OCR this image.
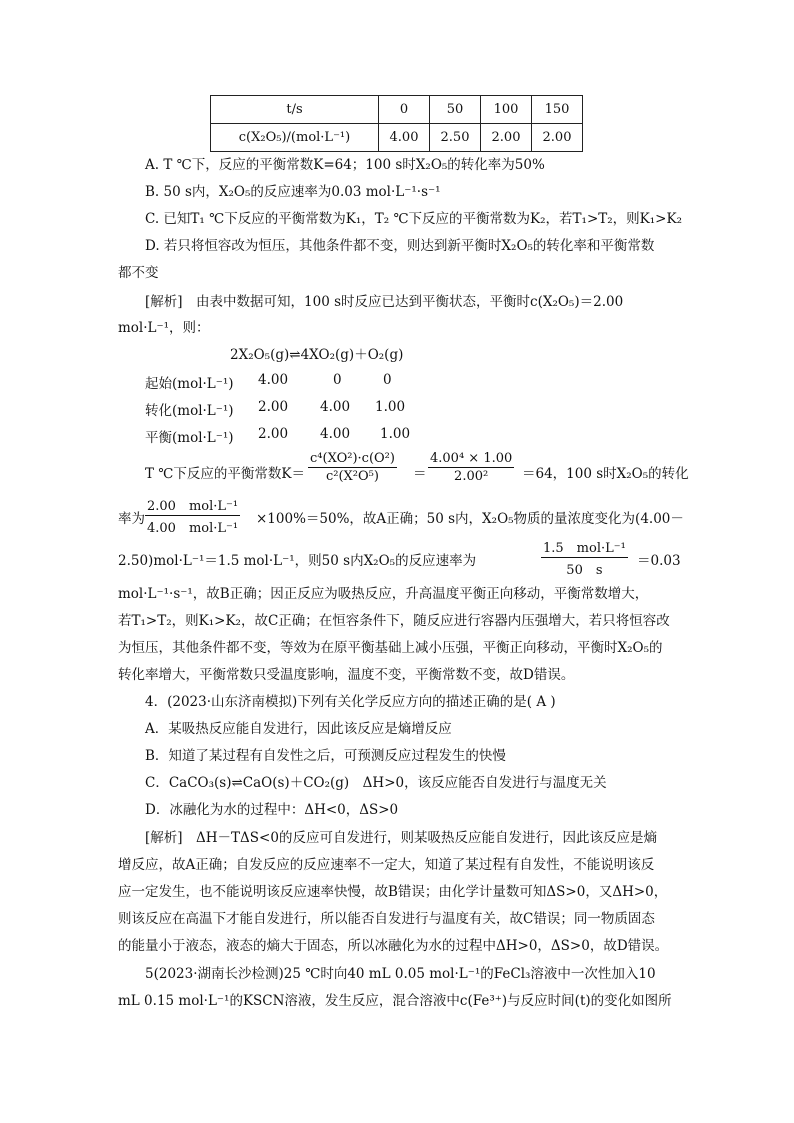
t/s	0	50	100	150
c(X₂O₅)/(mol·L⁻¹)	4.00	2.50	2.00	2.00
A. T ℃下，反应的平衡常数K=64；100 s时X₂O₅的转化率为50%
B. 50 s内，X₂O₅的反应速率为0.03 mol·L⁻¹·s⁻¹
C. 已知T₁ ℃下反应的平衡常数为K₁，T₂ ℃下反应的平衡常数为K₂，若T₁>T₂，则K₁>K₂
D. 若只将恒容改为恒压，其他条件都不变，则达到新平衡时X₂O₅的转化率和平衡常数
都不变
[解析]　由表中数据可知，100 s时反应已达到平衡状态，平衡时c(X₂O₅)＝2.00
mol·L⁻¹，则：
2X₂O₅(g)⇌4XO₂(g)＋O₂(g)
起始(mol·L⁻¹) 4.00	0	0
转化(mol·L⁻¹) 2.00 4.00 1.00
平衡(mol·L⁻¹) 2.00 4.00 1.00
T ℃下反应的平衡常数$K= \frac{\text{c⁴(XO²)·c(O²)}}{\text{c²(X²O⁵)}} = \frac{\text{4.00⁴ × 1.00}}{\text{2.00²}} =64$，100 s时X₂O₅的转化
率为
2.00　mol·L⁻¹
4.00　mol·L⁻¹
×100%＝50%，故A正确；50 s内，X₂O₅物质的量浓度变化为(4.00－
2.50)mol·L⁻¹＝1.5 mol·L⁻¹，则50 s内X₂O₅的反应速率为
1.5　mol·L⁻¹
50　s
＝0.03
mol·L⁻¹·s⁻¹，故B正确；因正反应为吸热反应，升高温度平衡正向移动，平衡常数增大，
若T₁>T₂，则K₁>K₂，故C正确；在恒容条件下，随反应进行容器内压强增大，若只将恒容改
为恒压，其他条件都不变，等效为在原平衡基础上减小压强，平衡正向移动，平衡时X₂O₅的
转化率增大，平衡常数只受温度影响，温度不变，平衡常数不变，故D错误。
4．(2023·山东济南模拟)下列有关化学反应方向的描述正确的是( A )
A．某吸热反应能自发进行，因此该反应是熵增反应
B．知道了某过程有自发性之后，可预测反应过程发生的快慢
C．CaCO₃(s)⇌CaO(s)＋CO₂(g)　ΔH>0，该反应能否自发进行与温度无关
D．冰融化为水的过程中：ΔH<0，ΔS>0
[解析]　ΔH－TΔS<0的反应可自发进行，则某吸热反应能自发进行，因此该反应是熵
增反应，故A正确；自发反应的反应速率不一定大，知道了某过程有自发性，不能说明该反
应一定发生，也不能说明该反应速率快慢，故B错误；由化学计量数可知ΔS>0，又ΔH>0，
则该反应在高温下才能自发进行，所以能否自发进行与温度有关，故C错误；同一物质固态
的能量小于液态，液态的熵大于固态，所以冰融化为水的过程中ΔH>0，ΔS>0，故D错误。
5(2023·湖南长沙检测)25 ℃时向40 mL 0.05 mol·L⁻¹的FeCl₃溶液中一次性加入10
mL 0.15 mol·L⁻¹的KSCN溶液，发生反应，混合溶液中c(Fe³⁺)与反应时间(t)的变化如图所
